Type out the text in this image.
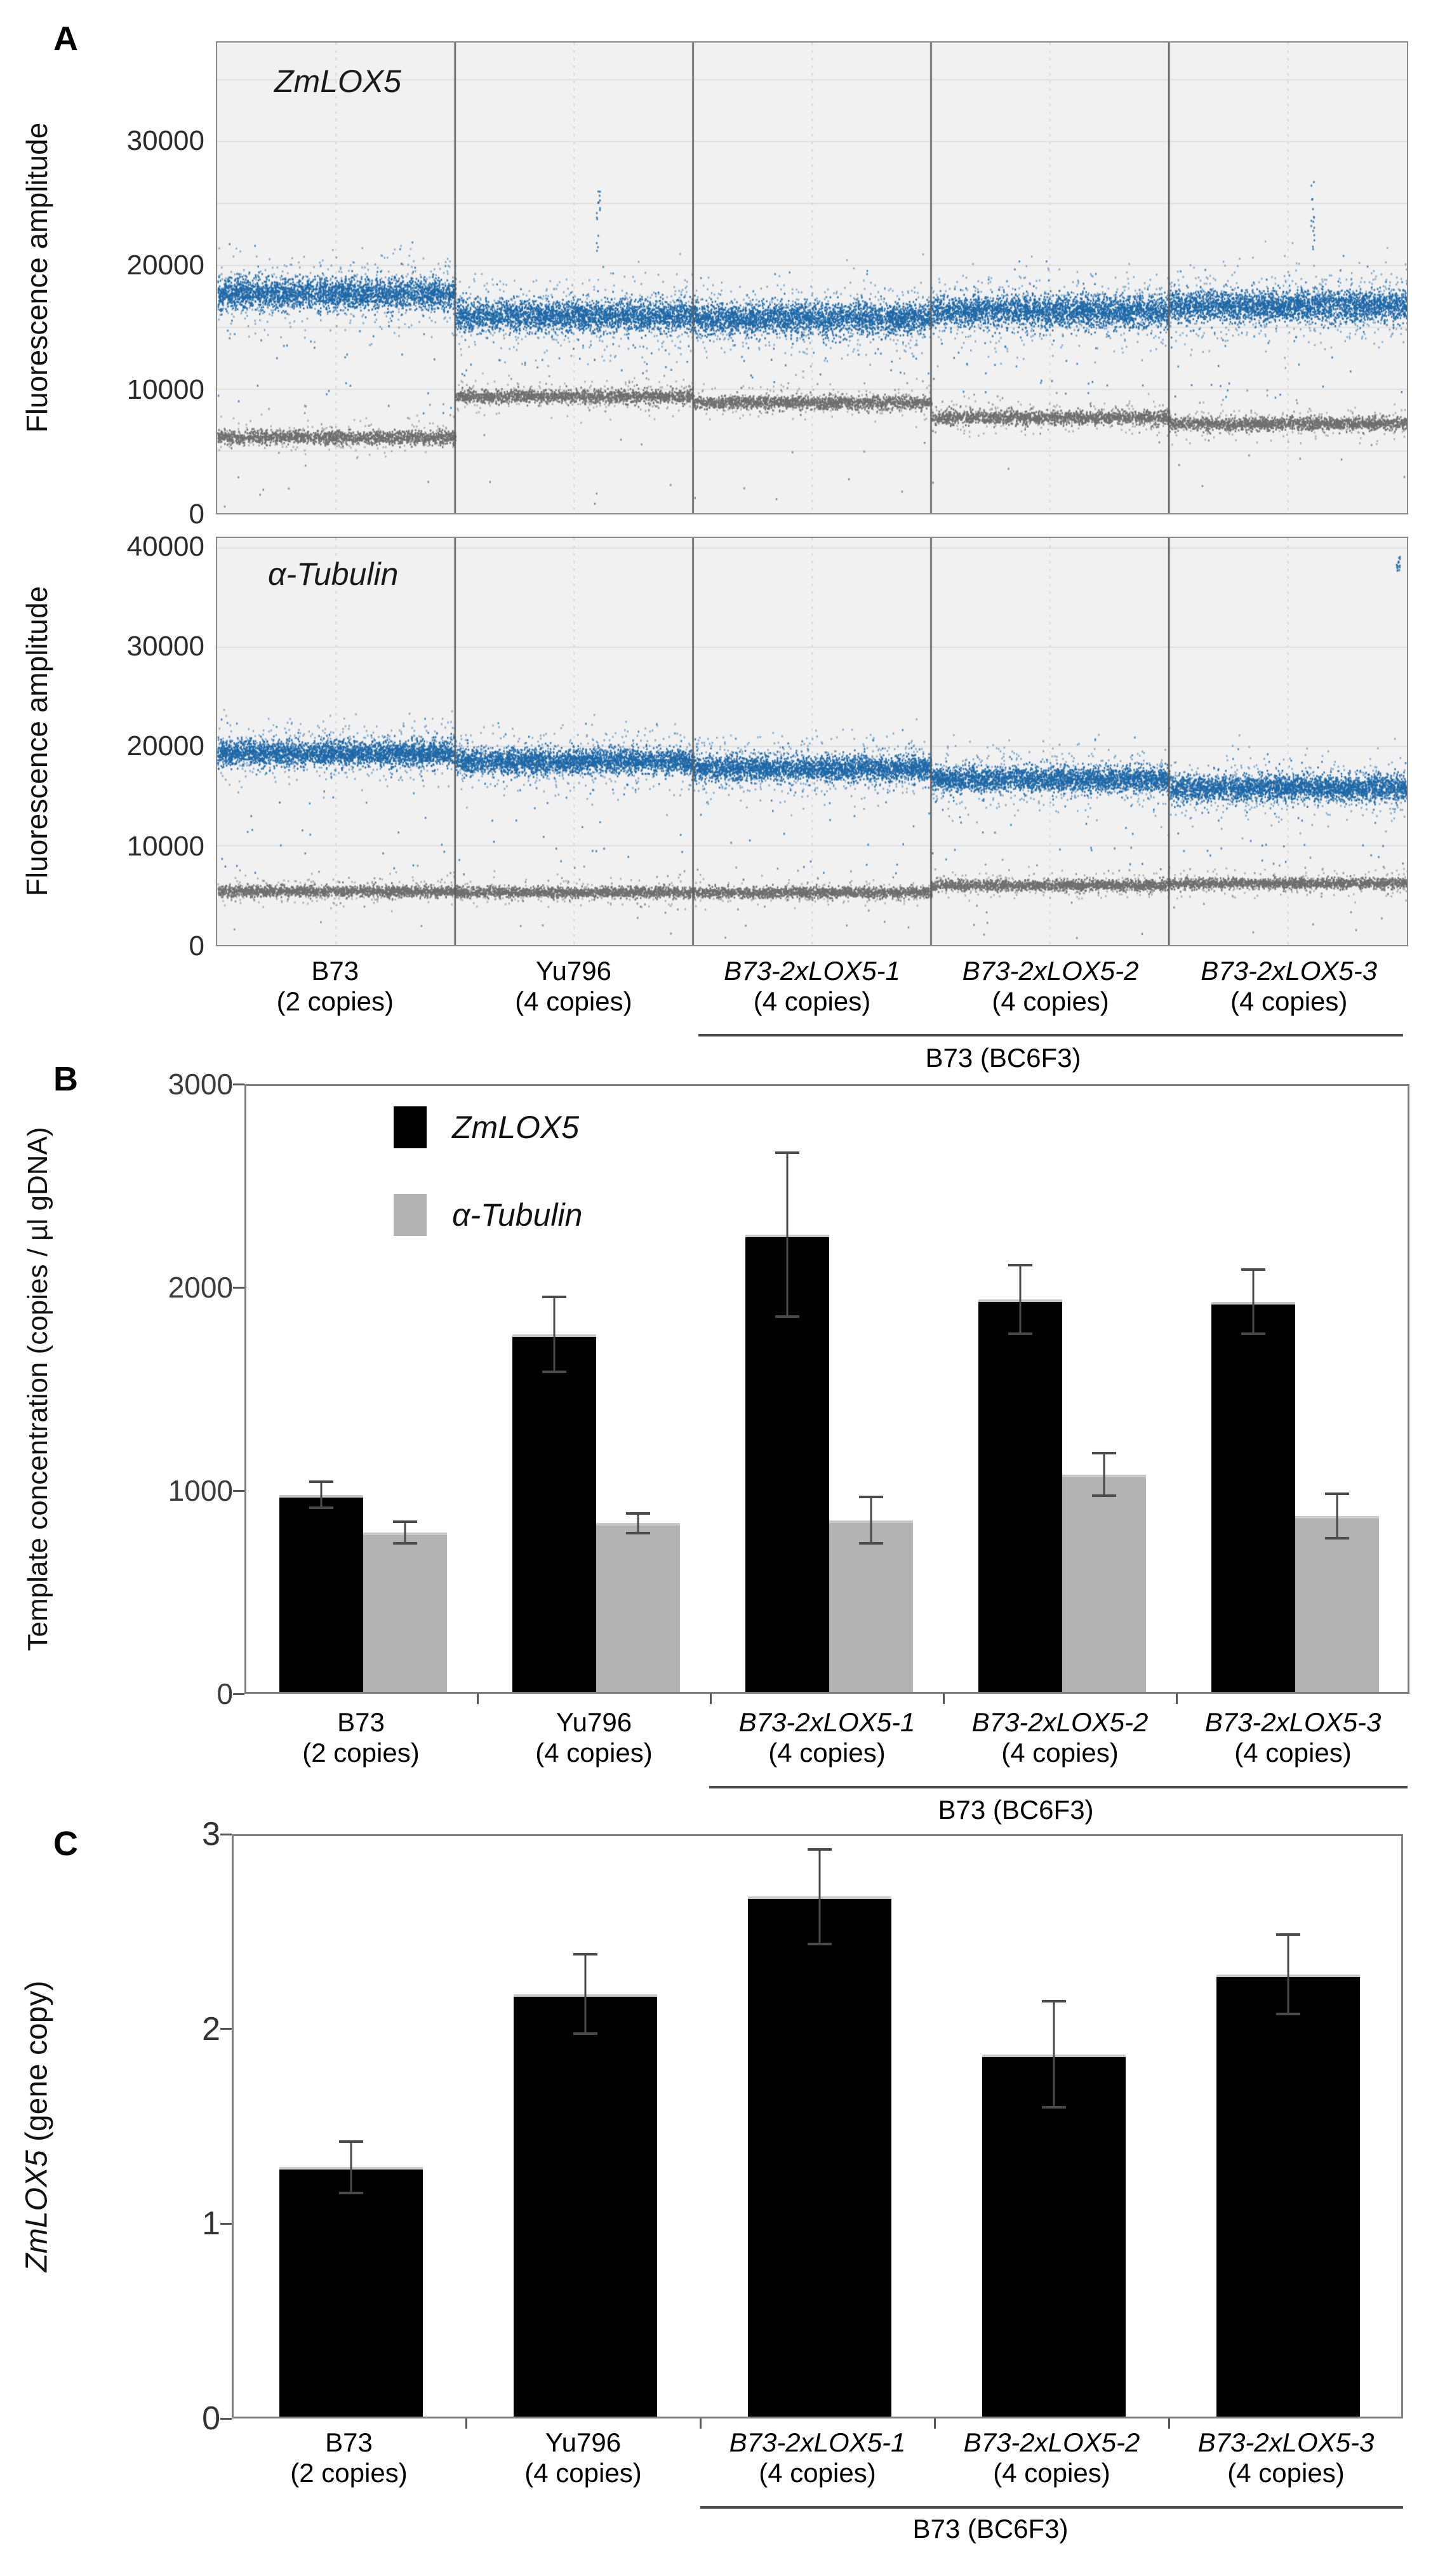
A
Fluorescence amplitude
Fluorescence amplitude
ZmLOX5
0
10000
20000
30000
α-Tubulin
0
10000
20000
30000
40000
B73
(2 copies)
Yu796
(4 copies)
B73-2xLOX5-1
(4 copies)
B73-2xLOX5-2
(4 copies)
B73-2xLOX5-3
(4 copies)
B73 (BC6F3)
B
Template concentration (copies / µl gDNA)
0
1000
2000
3000
ZmLOX5
α-Tubulin
B73
(2 copies)
Yu796
(4 copies)
B73-2xLOX5-1
(4 copies)
B73-2xLOX5-2
(4 copies)
B73-2xLOX5-3
(4 copies)
B73 (BC6F3)
C
ZmLOX5 (gene copy)
0
1
2
3
B73
(2 copies)
Yu796
(4 copies)
B73-2xLOX5-1
(4 copies)
B73-2xLOX5-2
(4 copies)
B73-2xLOX5-3
(4 copies)
B73 (BC6F3)
